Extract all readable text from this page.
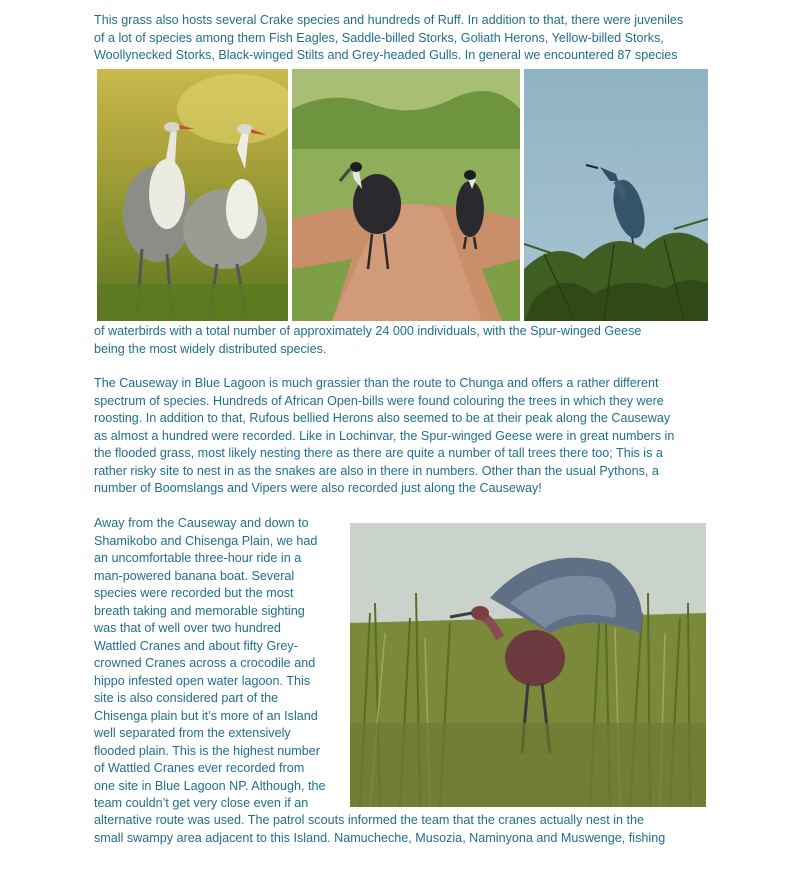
This grass also hosts several Crake species and hundreds of Ruff. In addition to that, there were juveniles
of a lot of species among them Fish Eagles, Saddle-billed Storks, Goliath Herons, Yellow-billed Storks,
Woollynecked Storks, Black-winged Stilts and Grey-headed Gulls. In general we encountered 87 species

of waterbirds with a total number of approximately 24 000 individuals, with the Spur-winged Geese
being the most widely distributed species.

The Causeway in Blue Lagoon is much grassier than the route to Chunga and offers a rather different
spectrum of species. Hundreds of African Open-bills were found colouring the trees in which they were
roosting. In addition to that, Rufous bellied Herons also seemed to be at their peak along the Causeway
as almost a hundred were recorded. Like in Lochinvar, the Spur-winged Geese were in great numbers in
the flooded grass, most likely nesting there as there are quite a number of tall trees there too; This is a
rather risky site to nest in as the snakes are also in there in numbers. Other than the usual Pythons, a
number of Boomslangs and Vipers were also recorded just along the Causeway!

Away from the Causeway and down to
Shamikobo and Chisenga Plain, we had
an uncomfortable three-hour ride in a
man-powered banana boat. Several
species were recorded but the most
breath taking and memorable sighting
was that of well over two hundred
Wattled Cranes and about fifty Grey-
crowned Cranes across a crocodile and
hippo infested open water lagoon. This
site is also considered part of the
Chisenga plain but it’s more of an Island
well separated from the extensively
flooded plain. This is the highest number
of Wattled Cranes ever recorded from
one site in Blue Lagoon NP. Although, the
team couldn’t get very close even if an

alternative route was used. The patrol scouts informed the team that the cranes actually nest in the
small swampy area adjacent to this Island. Namucheche, Musozia, Naminyona and Muswenge, fishing
